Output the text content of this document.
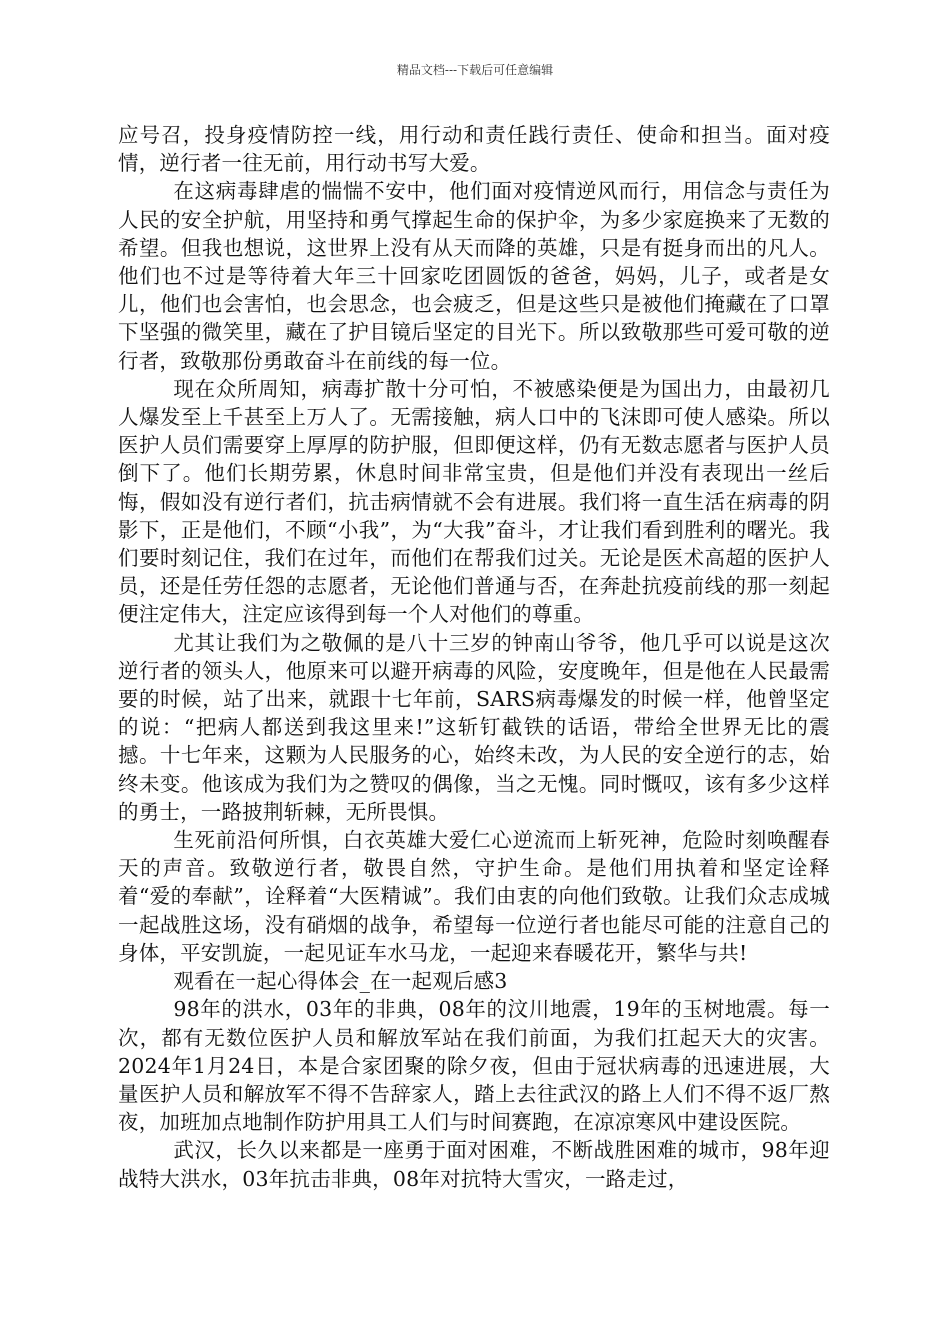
精品文档---下载后可任意编辑

应号召，投身疫情防控一线，用行动和责任践行责任、使命和担当。面对疫情，逆行者一往无前，用行动书写大爱。

在这病毒肆虐的惴惴不安中，他们面对疫情逆风而行，用信念与责任为人民的安全护航，用坚持和勇气撑起生命的保护伞，为多少家庭换来了无数的希望。但我也想说，这世界上没有从天而降的英雄，只是有挺身而出的凡人。他们也不过是等待着大年三十回家吃团圆饭的爸爸，妈妈，儿子，或者是女儿，他们也会害怕，也会思念，也会疲乏，但是这些只是被他们掩藏在了口罩下坚强的微笑里，藏在了护目镜后坚定的目光下。所以致敬那些可爱可敬的逆行者，致敬那份勇敢奋斗在前线的每一位。

现在众所周知，病毒扩散十分可怕，不被感染便是为国出力，由最初几人爆发至上千甚至上万人了。无需接触，病人口中的飞沫即可使人感染。所以医护人员们需要穿上厚厚的防护服，但即便这样，仍有无数志愿者与医护人员倒下了。他们长期劳累，休息时间非常宝贵，但是他们并没有表现出一丝后悔，假如没有逆行者们，抗击病情就不会有进展。我们将一直生活在病毒的阴影下，正是他们，不顾“小我”，为“大我”奋斗，才让我们看到胜利的曙光。我们要时刻记住，我们在过年，而他们在帮我们过关。无论是医术高超的医护人员，还是任劳任怨的志愿者，无论他们普通与否，在奔赴抗疫前线的那一刻起便注定伟大，注定应该得到每一个人对他们的尊重。

尤其让我们为之敬佩的是八十三岁的钟南山爷爷，他几乎可以说是这次逆行者的领头人，他原来可以避开病毒的风险，安度晚年，但是他在人民最需要的时候，站了出来，就跟十七年前，SARS病毒爆发的时候一样，他曾坚定的说：“把病人都送到我这里来!”这斩钉截铁的话语，带给全世界无比的震撼。十七年来，这颗为人民服务的心，始终未改，为人民的安全逆行的志，始终未变。他该成为我们为之赞叹的偶像，当之无愧。同时慨叹，该有多少这样的勇士，一路披荆斩棘，无所畏惧。

生死前沿何所惧，白衣英雄大爱仁心逆流而上斩死神，危险时刻唤醒春天的声音。致敬逆行者，敬畏自然，守护生命。是他们用执着和坚定诠释着“爱的奉献”，诠释着“大医精诚”。我们由衷的向他们致敬。让我们众志成城一起战胜这场，没有硝烟的战争，希望每一位逆行者也能尽可能的注意自己的身体，平安凯旋，一起见证车水马龙，一起迎来春暖花开，繁华与共!

观看在一起心得体会_在一起观后感3

98年的洪水，03年的非典，08年的汶川地震，19年的玉树地震。每一次，都有无数位医护人员和解放军站在我们前面，为我们扛起天大的灾害。2024年1月24日，本是合家团聚的除夕夜，但由于冠状病毒的迅速进展，大量医护人员和解放军不得不告辞家人，踏上去往武汉的路上人们不得不返厂熬夜，加班加点地制作防护用具工人们与时间赛跑，在凉凉寒风中建设医院。

武汉，长久以来都是一座勇于面对困难，不断战胜困难的城市，98年迎战特大洪水，03年抗击非典，08年对抗特大雪灾，一路走过，
